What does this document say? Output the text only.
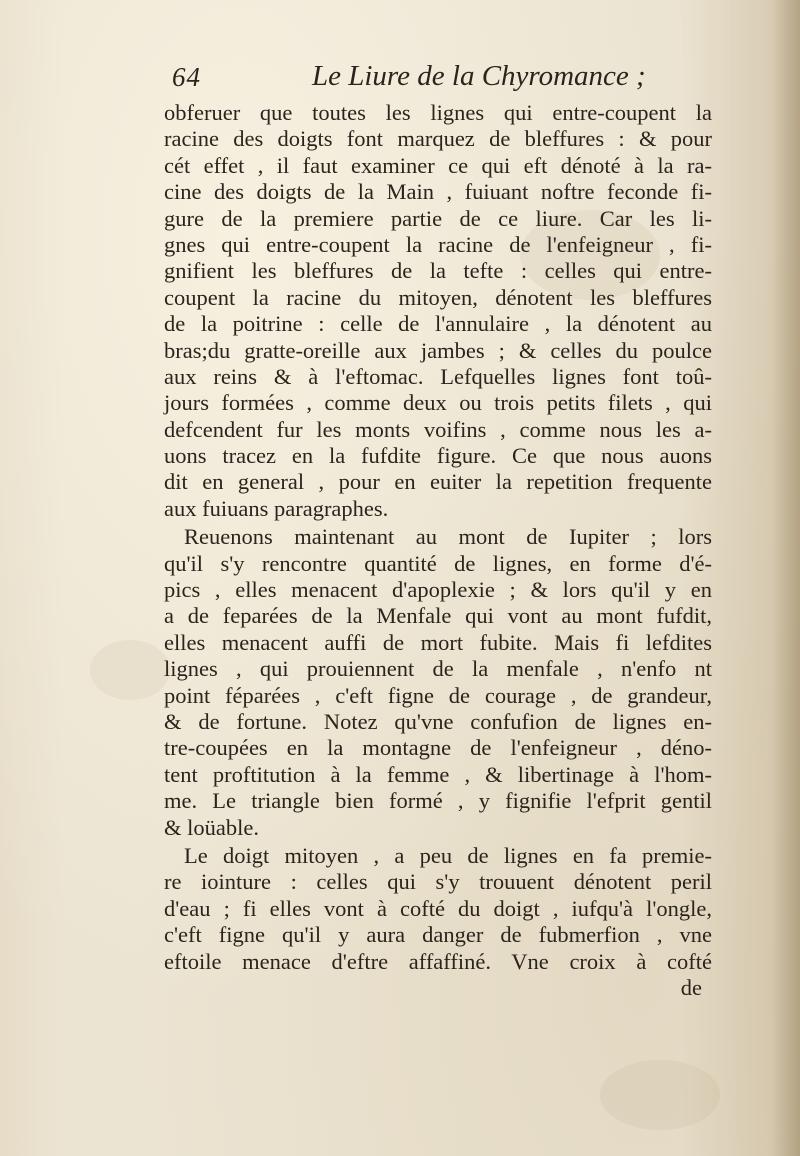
64	Le Liure de la Chyromance ;
obferuer que toutes les lignes qui entre-coupent la
racine des doigts font marquez de bleffures : & pour
cét effet , il faut examiner ce qui eft dénoté à la ra-
cine des doigts de la Main , fuiuant noftre feconde fi-
gure de la premiere partie de ce liure. Car les li-
gnes qui entre-coupent la racine de l'enfeigneur , fi-
gnifient les bleffures de la tefte : celles qui entre-
coupent la racine du mitoyen, dénotent les bleffures
de la poitrine : celle de l'annulaire , la dénotent au
bras;du gratte-oreille aux jambes ; & celles du poulce
aux reins & à l'eftomac. Lefquelles lignes font toû-
jours formées , comme deux ou trois petits filets , qui
defcendent fur les monts voifins , comme nous les a-
uons tracez en la fufdite figure. Ce que nous auons
dit en general , pour en euiter la repetition frequente
aux fuiuans paragraphes.
Reuenons maintenant au mont de Iupiter ; lors
qu'il s'y rencontre quantité de lignes, en forme d'é-
pics , elles menacent d'apoplexie ; & lors qu'il y en
a de feparées de la Menfale qui vont au mont fufdit,
elles menacent auffi de mort fubite. Mais fi lefdites
lignes , qui prouiennent de la menfale , n'enfo nt
point féparées , c'eft figne de courage , de grandeur,
& de fortune. Notez qu'vne confufion de lignes en-
tre-coupées en la montagne de l'enfeigneur , déno-
tent proftitution à la femme , & libertinage à l'hom-
me. Le triangle bien formé , y fignifie l'efprit gentil
& loüable.
Le doigt mitoyen , a peu de lignes en fa premie-
re iointure : celles qui s'y trouuent dénotent peril
d'eau ; fi elles vont à cofté du doigt , iufqu'à l'ongle,
c'eft figne qu'il y aura danger de fubmerfion , vne
eftoile menace d'eftre affaffiné. Vne croix à cofté
de
